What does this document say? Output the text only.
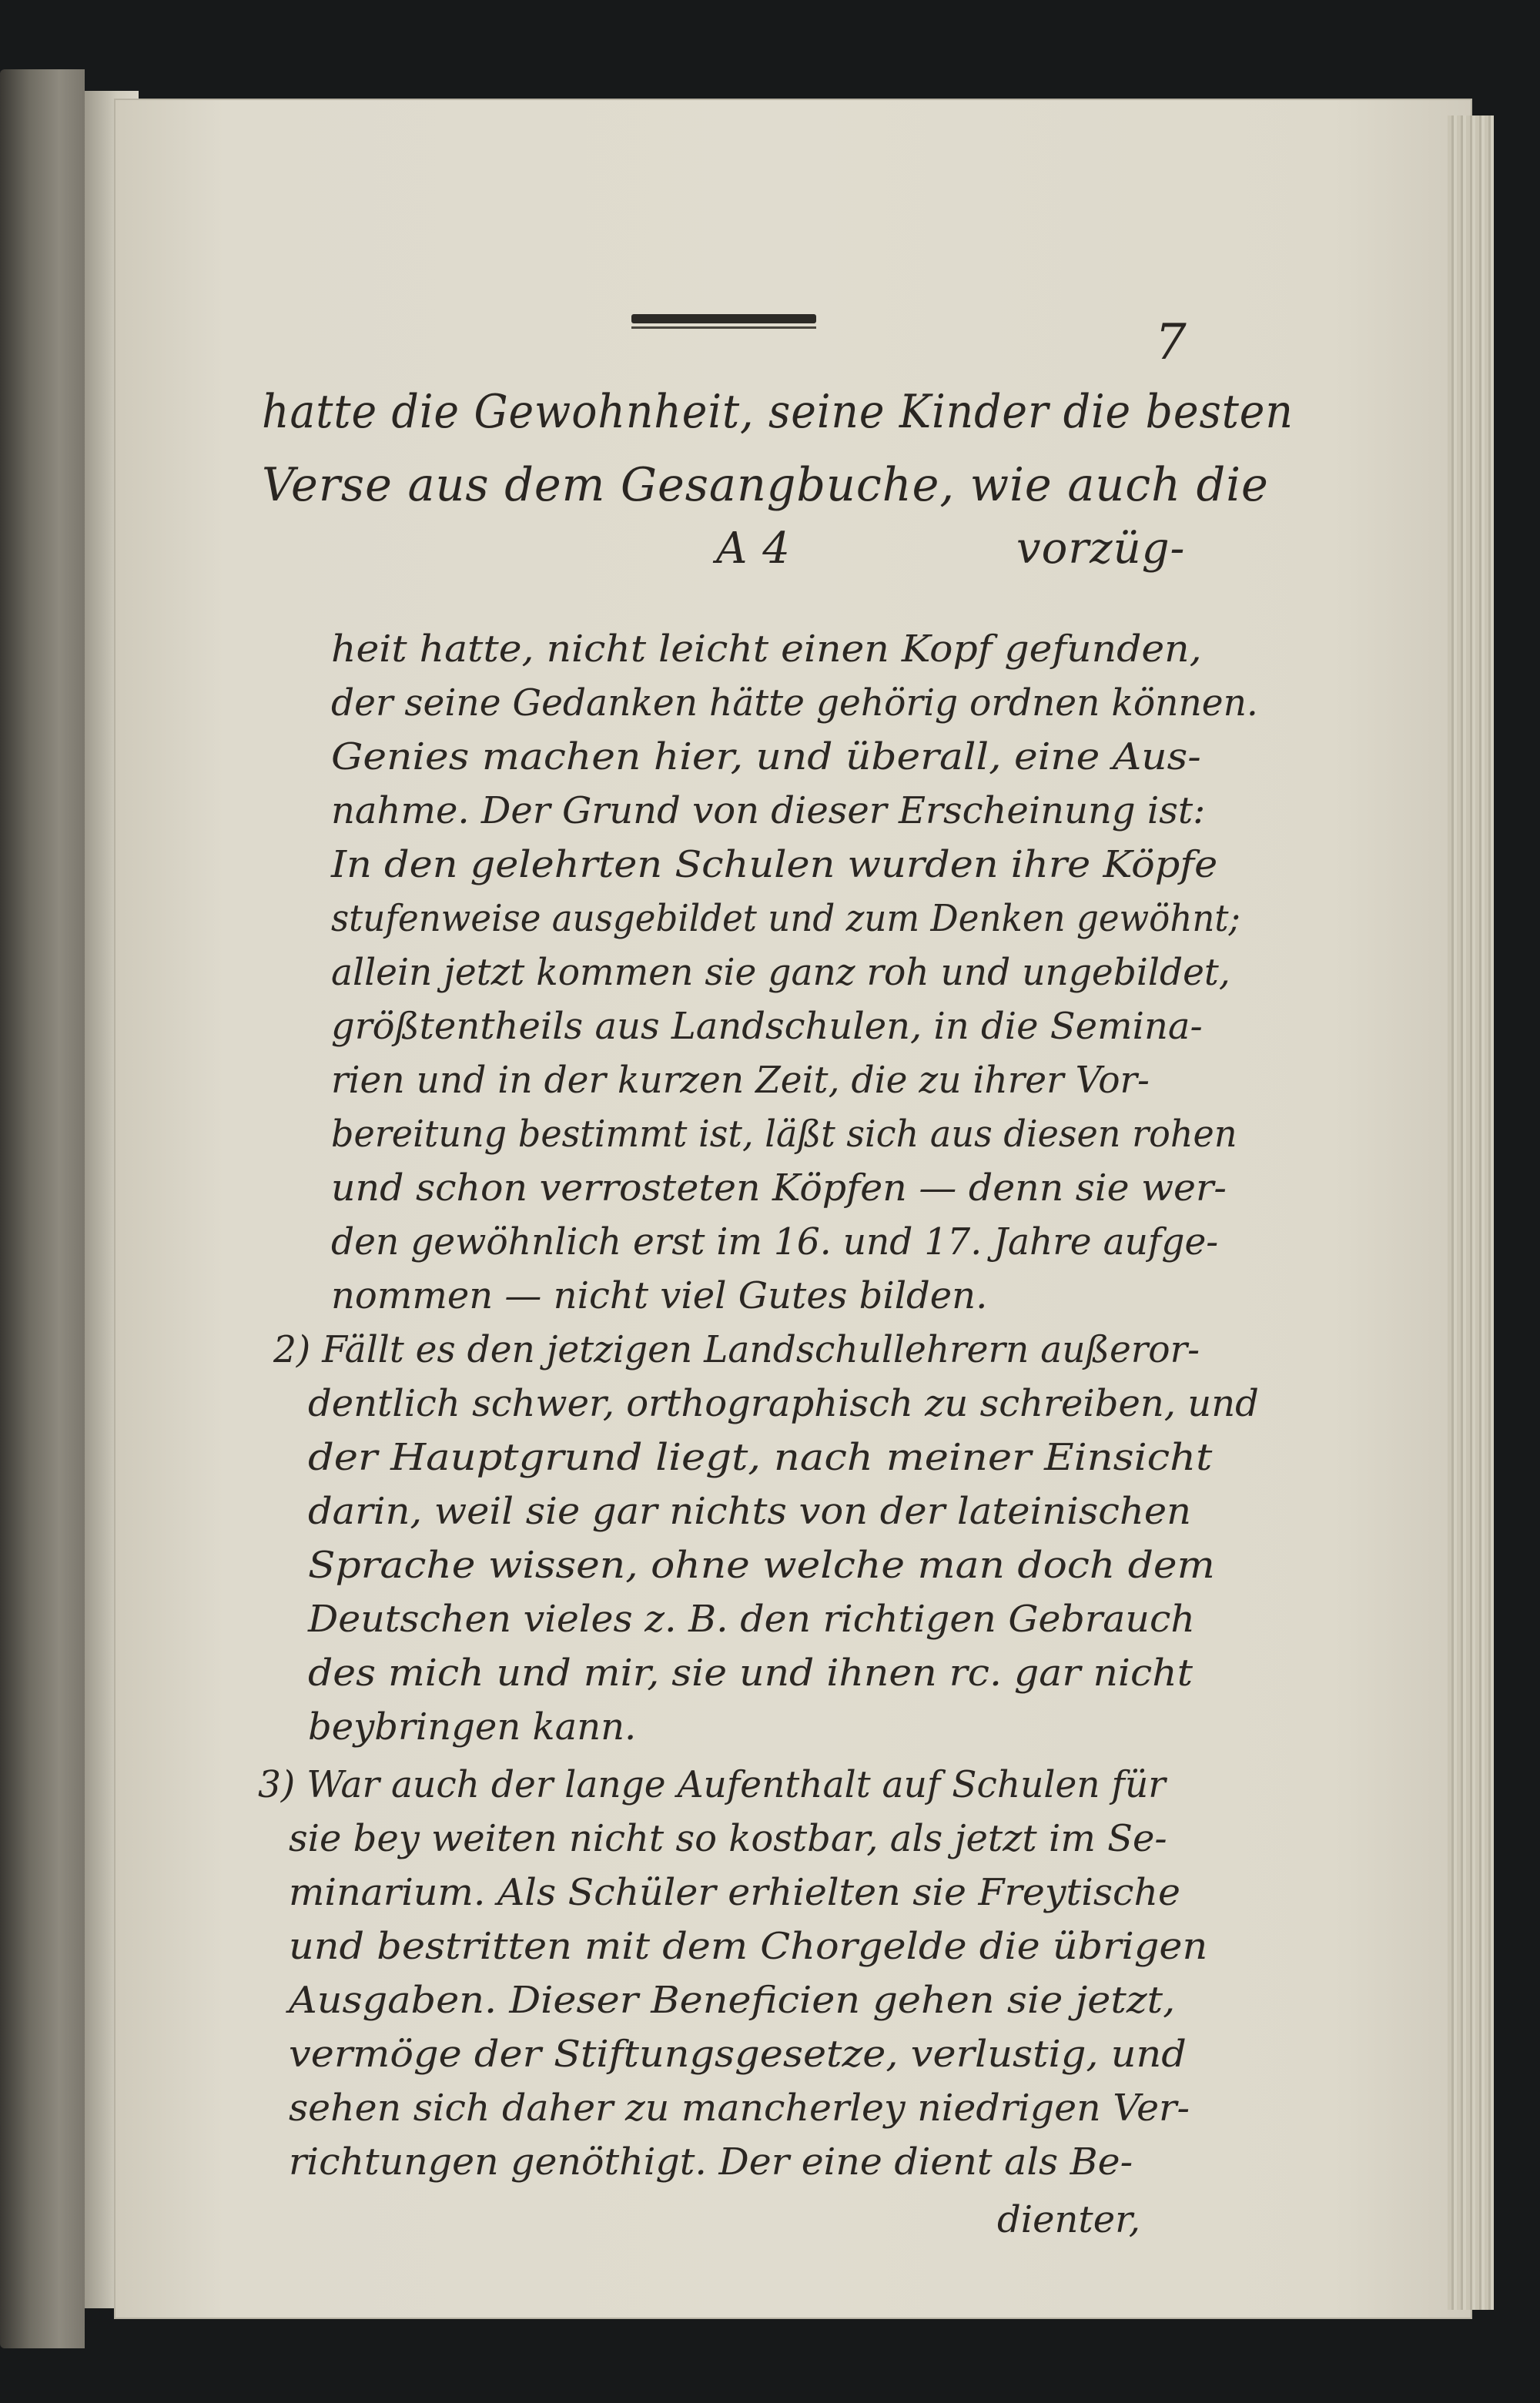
7
hatte die Gewohnheit, seine Kinder die besten
Verse aus dem Gesangbuche, wie auch die
A 4	vorzüg-
heit hatte, nicht leicht einen Kopf gefunden,
der seine Gedanken hätte gehörig ordnen können.
Genies machen hier, und überall, eine Aus-
nahme. Der Grund von dieser Erscheinung ist:
In den gelehrten Schulen wurden ihre Köpfe
stufenweise ausgebildet und zum Denken gewöhnt;
allein jetzt kommen sie ganz roh und ungebildet,
größtentheils aus Landschulen, in die Semina-
rien und in der kurzen Zeit, die zu ihrer Vor-
bereitung bestimmt ist, läßt sich aus diesen rohen
und schon verrosteten Köpfen — denn sie wer-
den gewöhnlich erst im 16. und 17. Jahre aufge-
nommen — nicht viel Gutes bilden.
2) Fällt es den jetzigen Landschullehrern außeror-
dentlich schwer, orthographisch zu schreiben, und
der Hauptgrund liegt, nach meiner Einsicht
darin, weil sie gar nichts von der lateinischen
Sprache wissen, ohne welche man doch dem
Deutschen vieles z. B. den richtigen Gebrauch
des mich und mir, sie und ihnen rc. gar nicht
beybringen kann.
3) War auch der lange Aufenthalt auf Schulen für
sie bey weiten nicht so kostbar, als jetzt im Se-
minarium. Als Schüler erhielten sie Freytische
und bestritten mit dem Chorgelde die übrigen
Ausgaben. Dieser Beneficien gehen sie jetzt,
vermöge der Stiftungsgesetze, verlustig, und
sehen sich daher zu mancherley niedrigen Ver-
richtungen genöthigt. Der eine dient als Be-
dienter,
